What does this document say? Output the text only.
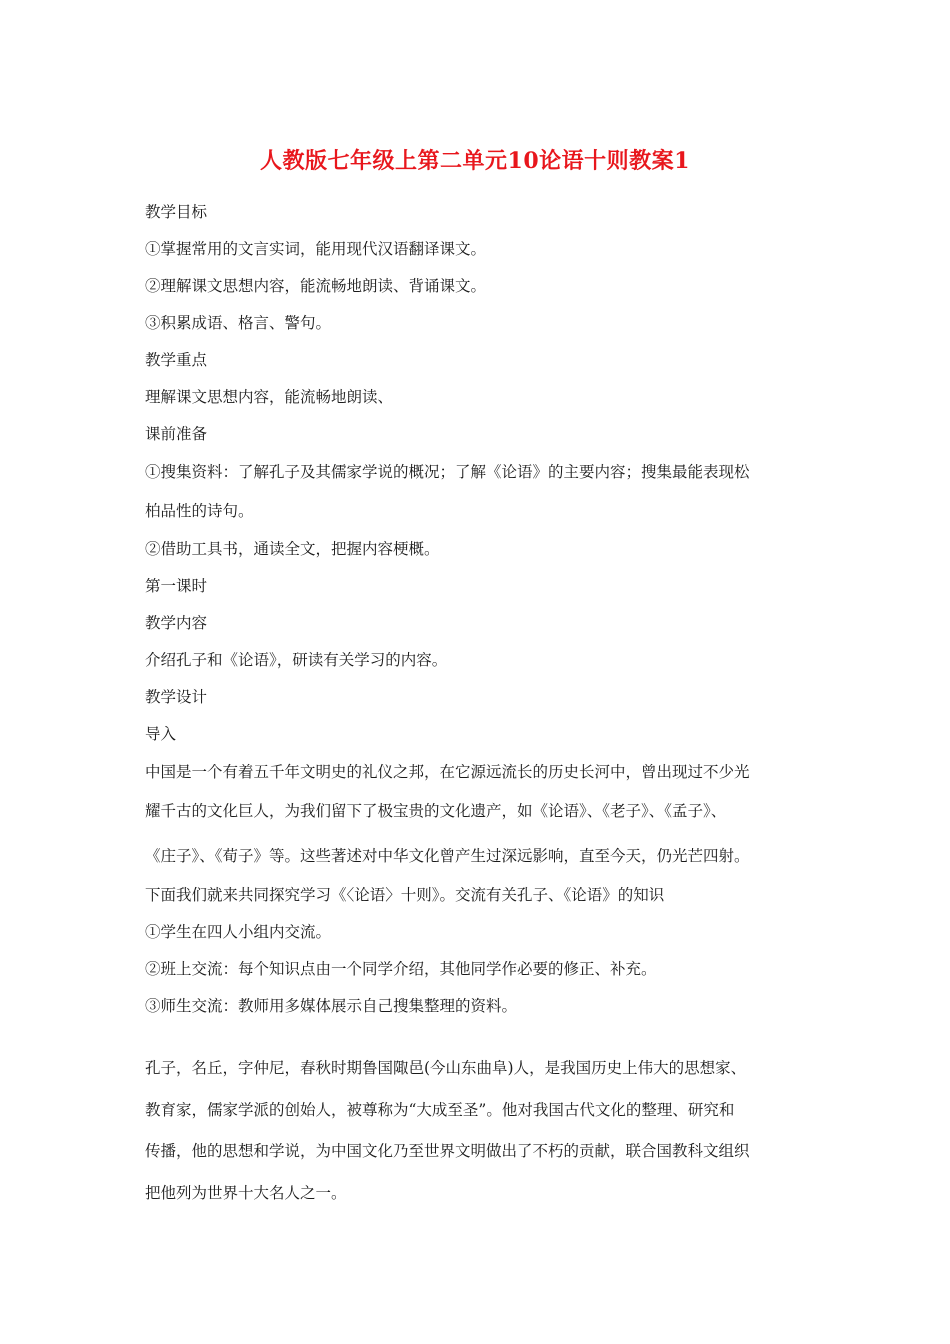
人教版七年级上第二单元10论语十则教案1
教学目标
①掌握常用的文言实词，能用现代汉语翻译课文。
②理解课文思想内容，能流畅地朗读、背诵课文。
③积累成语、格言、警句。
教学重点
理解课文思想内容，能流畅地朗读、
课前准备
①搜集资料：了解孔子及其儒家学说的概况；了解《论语》的主要内容；搜集最能表现松
柏品性的诗句。
②借助工具书，通读全文，把握内容梗概。
第一课时
教学内容
介绍孔子和《论语》，研读有关学习的内容。
教学设计
导入
中国是一个有着五千年文明史的礼仪之邦，在它源远流长的历史长河中，曾出现过不少光
耀千古的文化巨人，为我们留下了极宝贵的文化遗产，如《论语》、《老子》、《孟子》、
《庄子》、《荀子》等。这些著述对中华文化曾产生过深远影响，直至今天，仍光芒四射。
下面我们就来共同探究学习《〈论语〉十则》。交流有关孔子、《论语》的知识
①学生在四人小组内交流。
②班上交流：每个知识点由一个同学介绍，其他同学作必要的修正、补充。
③师生交流：教师用多媒体展示自己搜集整理的资料。
孔子，名丘，字仲尼，春秋时期鲁国陬邑(今山东曲阜)人，是我国历史上伟大的思想家、
教育家，儒家学派的创始人，被尊称为“大成至圣”。他对我国古代文化的整理、研究和
传播，他的思想和学说，为中国文化乃至世界文明做出了不朽的贡献，联合国教科文组织
把他列为世界十大名人之一。
